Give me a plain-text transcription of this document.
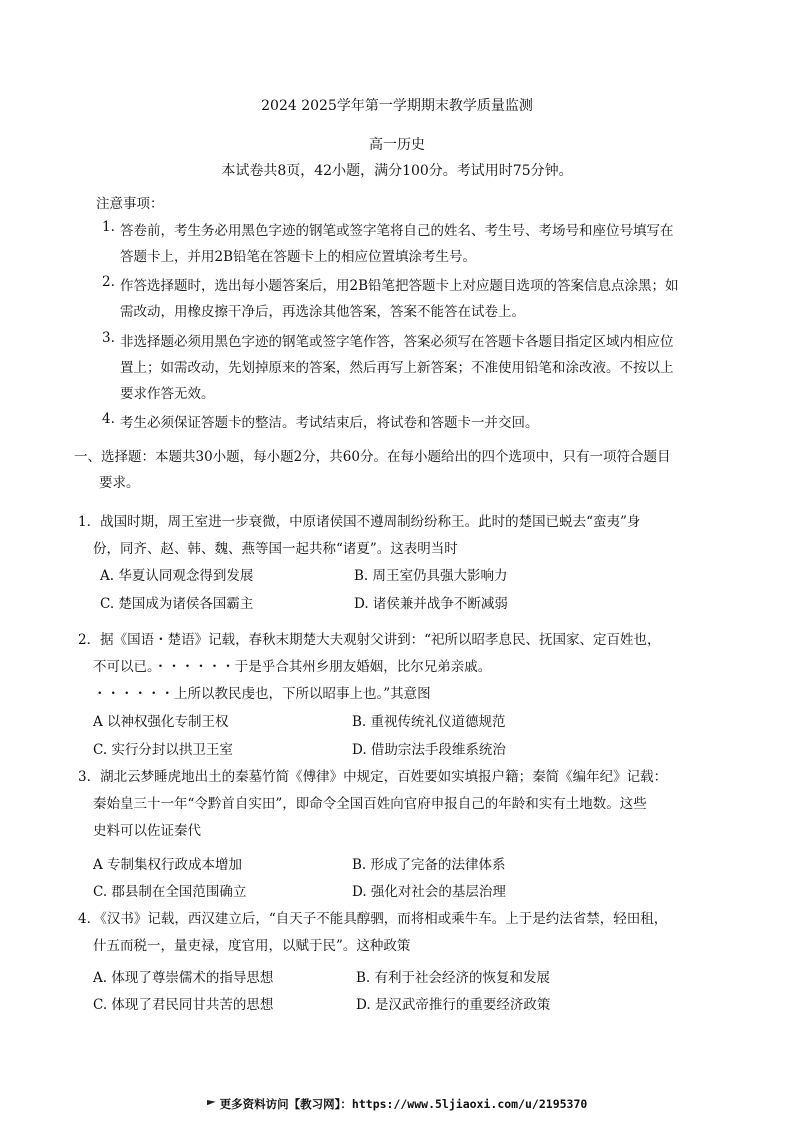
2024 2025学年第一学期期末教学质量监测
高一历史
本试卷共8页，42小题，满分100分。考试用时75分钟。
注意事项：
1. 答卷前，考生务必用黑色字迹的钢笔或签字笔将自己的姓名、考生号、考场号和座位号填写在
答题卡上，并用2B铅笔在答题卡上的相应位置填涂考生号。
2. 作答选择题时，选出每小题答案后，用2B铅笔把答题卡上对应题目选项的答案信息点涂黑；如
需改动，用橡皮擦干净后，再选涂其他答案，答案不能答在试卷上。
3. 非选择题必须用黑色字迹的钢笔或签字笔作答，答案必须写在答题卡各题目指定区域内相应位
置上；如需改动，先划掉原来的答案，然后再写上新答案；不准使用铅笔和涂改液。不按以上
要求作答无效。
4. 考生必须保证答题卡的整洁。考试结束后，将试卷和答题卡一并交回。
一、选择题：本题共30小题，每小题2分，共60分。在每小题给出的四个选项中，只有一项符合题目
要求。
1．战国时期，周王室进一步衰微，中原诸侯国不遵周制纷纷称王。此时的楚国已蜕去“蛮夷”身
份，同齐、赵、韩、魏、燕等国一起共称“诸夏”。这表明当时
A. 华夏认同观念得到发展	B. 周王室仍具强大影响力
C. 楚国成为诸侯各国霸主	D. 诸侯兼并战争不断减弱
2．据《国语・楚语》记载，春秋末期楚大夫观射父讲到：“祀所以昭孝息民、抚国家、定百姓也，
不可以已。・・・・・・于是乎合其州乡朋友婚姻，比尔兄弟亲戚。
・・・・・・上所以教民虔也，下所以昭事上也。”其意图
A 以神权强化专制王权	B. 重视传统礼仪道德规范
C. 实行分封以拱卫王室	D. 借助宗法手段维系统治
3．湖北云梦睡虎地出土的秦墓竹简《傅律》中规定，百姓要如实填报户籍；秦简《编年纪》记载：
秦始皇三十一年“令黔首自实田”，即命令全国百姓向官府申报自己的年龄和实有土地数。这些
史料可以佐证秦代
A 专制集权行政成本增加	B. 形成了完备的法律体系
C. 郡县制在全国范围确立	D. 强化对社会的基层治理
4．《汉书》记载，西汉建立后，“自天子不能具醇驷，而将相或乘牛车。上于是约法省禁，轻田租，
什五而税一，量吏禄，度官用，以赋于民”。这种政策
A. 体现了尊崇儒术的指导思想	B. 有利于社会经济的恢复和发展
C. 体现了君民同甘共苦的思想	D. 是汉武帝推行的重要经济政策
更多资料访问【教习网】：https://www.5ljiaoxi.com/u/2195370
